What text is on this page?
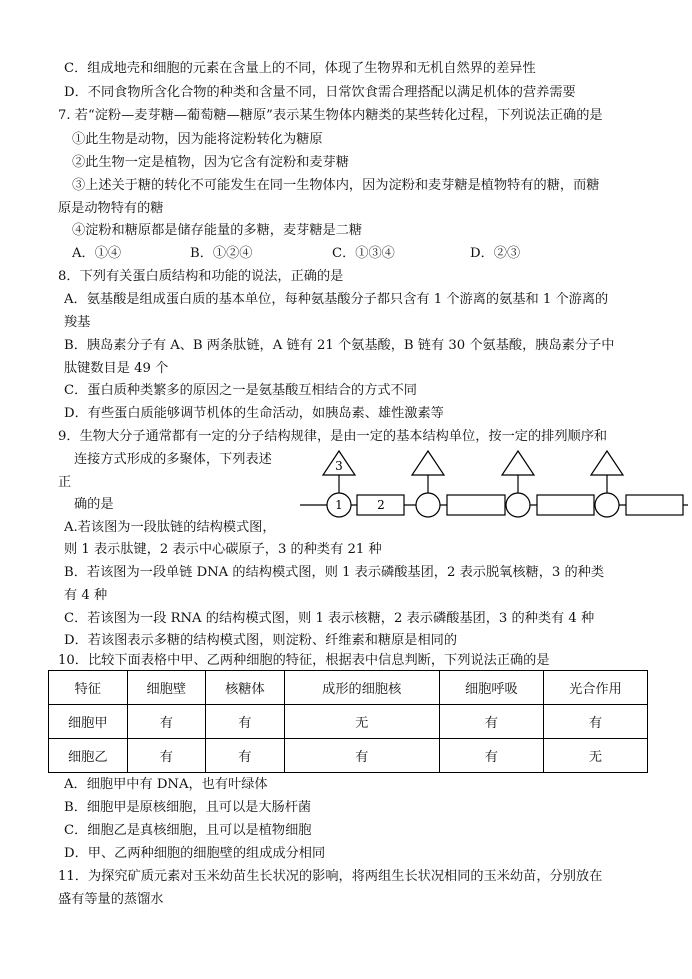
C．组成地壳和细胞的元素在含量上的不同，体现了生物界和无机自然界的差异性
D．不同食物所含化合物的种类和含量不同，日常饮食需合理搭配以满足机体的营养需要
7. 若“淀粉—麦芽糖—葡萄糖—糖原”表示某生物体内糖类的某些转化过程，下列说法正确的是
①此生物是动物，因为能将淀粉转化为糖原
②此生物一定是植物，因为它含有淀粉和麦芽糖
③上述关于糖的转化不可能发生在同一生物体内，因为淀粉和麦芽糖是植物特有的糖，而糖
原是动物特有的糖
④淀粉和糖原都是储存能量的多糖，麦芽糖是二糖
A．①④	B．①②④	C．①③④	D．②③
8．下列有关蛋白质结构和功能的说法，正确的是
A．氨基酸是组成蛋白质的基本单位，每种氨基酸分子都只含有 1 个游离的氨基和 1 个游离的
羧基
B．胰岛素分子有 A、B 两条肽链，A 链有 21 个氨基酸，B 链有 30 个氨基酸，胰岛素分子中
肽键数目是 49 个
C．蛋白质种类繁多的原因之一是氨基酸互相结合的方式不同
D．有些蛋白质能够调节机体的生命活动，如胰岛素、雄性激素等
9．生物大分子通常都有一定的分子结构规律，是由一定的基本结构单位，按一定的排列顺序和
连接方式形成的多聚体，下列表述
正
确的是
A.若该图为一段肽链的结构模式图，
则 1 表示肽键，2 表示中心碳原子，3 的种类有 21 种
B．若该图为一段单链 DNA 的结构模式图，则 1 表示磷酸基团，2 表示脱氧核糖，3 的种类
有 4 种
C．若该图为一段 RNA 的结构模式图，则 1 表示核糖，2 表示磷酸基团，3 的种类有 4 种
D．若该图表示多糖的结构模式图，则淀粉、纤维素和糖原是相同的
3
1	2
10．比较下面表格中甲、乙两种细胞的特征，根据表中信息判断，下列说法正确的是
特征	细胞壁	核糖体	成形的细胞核	细胞呼吸	光合作用
细胞甲	有	有	无	有	有
细胞乙	有	有	有	有	无
A．细胞甲中有 DNA，也有叶绿体
B．细胞甲是原核细胞，且可以是大肠杆菌
C．细胞乙是真核细胞，且可以是植物细胞
D．甲、乙两种细胞的细胞壁的组成成分相同
11．为探究矿质元素对玉米幼苗生长状况的影响，将两组生长状况相同的玉米幼苗，分别放在
盛有等量的蒸馏水
